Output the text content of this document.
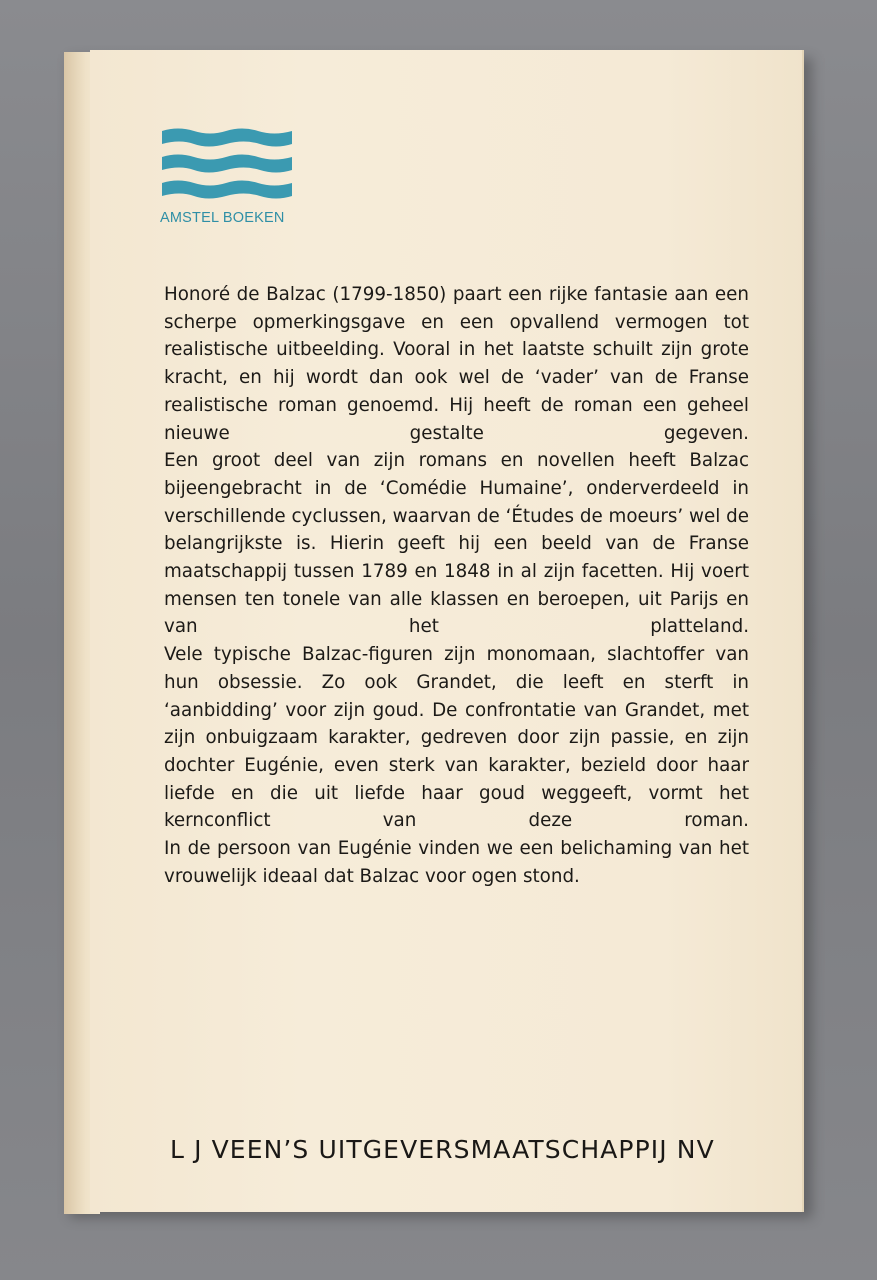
AMSTEL BOEKEN

Honoré de Balzac (1799-1850) paart een rijke fantasie aan een scherpe opmerkingsgave en een opvallend vermogen tot realistische uitbeelding. Vooral in het laatste schuilt zijn grote kracht, en hij wordt dan ook wel de ‘vader’ van de Franse realistische roman genoemd. Hij heeft de roman een geheel nieuwe gestalte gegeven.

Een groot deel van zijn romans en novellen heeft Balzac bijeengebracht in de ‘Comédie Humaine’, onderverdeeld in verschillende cyclussen, waarvan de ‘Études de moeurs’ wel de belangrijkste is. Hierin geeft hij een beeld van de Franse maatschappij tussen 1789 en 1848 in al zijn facetten. Hij voert mensen ten tonele van alle klassen en beroepen, uit Parijs en van het platteland.

Vele typische Balzac-figuren zijn monomaan, slachtoffer van hun obsessie. Zo ook Grandet, die leeft en sterft in ‘aanbidding’ voor zijn goud. De confrontatie van Grandet, met zijn onbuigzaam karakter, gedreven door zijn passie, en zijn dochter Eugénie, even sterk van karakter, bezield door haar liefde en die uit liefde haar goud weggeeft, vormt het kernconflict van deze roman.

In de persoon van Eugénie vinden we een belichaming van het vrouwelijk ideaal dat Balzac voor ogen stond.

L J VEEN’S UITGEVERSMAATSCHAPPIJ NV
